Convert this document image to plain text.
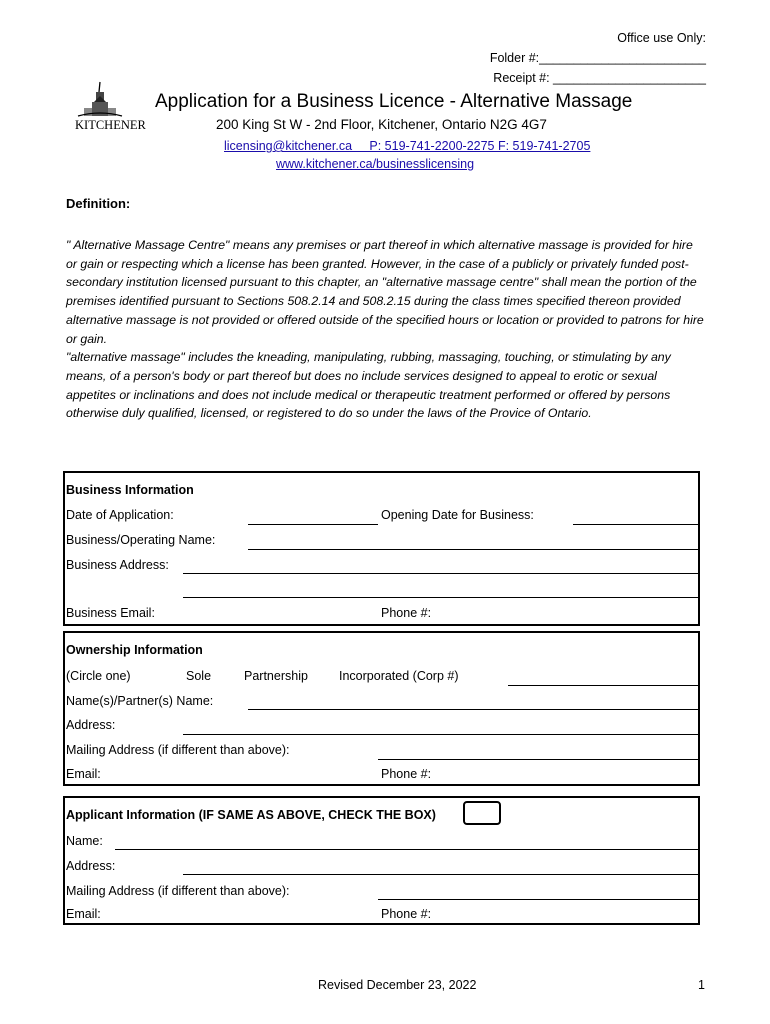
Office use Only:
Folder #:________________________
Receipt #: ______________________
KITCHENER
Application for a Business Licence - Alternative Massage
200 King St W - 2nd Floor, Kitchener, Ontario N2G 4G7
licensing@kitchener.ca     P: 519-741-2200-2275 F: 519-741-2705
www.kitchener.ca/businesslicensing
Definition:

" Alternative Massage Centre" means any premises or part thereof in which alternative massage is provided for hire or gain or respecting which a license has been granted. However, in the case of a publicly or privately funded post-secondary institution licensed pursuant to this chapter, an "alternative massage centre" shall mean the portion of the premises identified pursuant to Sections 508.2.14 and 508.2.15 during the class times specified thereon provided alternative massage is not provided or offered outside of the specified hours or location or provided to patrons for hire or gain.

"alternative massage" includes the kneading, manipulating, rubbing, massaging, touching, or stimulating by any means, of a person's body or part thereof but does no include services designed to appeal to erotic or sexual appetites or inclinations and does not include medical or therapeutic treatment performed or offered by persons otherwise duly qualified, licensed, or registered to do so under the laws of the Provice of Ontario.

Business Information
Date of Application:	Opening Date for Business:
Business/Operating Name:
Business Address:
Business Email:	Phone #:
Ownership Information
(Circle one)	Sole	Partnership Incorporated (Corp #)
Name(s)/Partner(s) Name:
Address:
Mailing Address (if different than above):
Email:	Phone #:
Applicant Information (IF SAME AS ABOVE, CHECK THE BOX)
Name:
Address:
Mailing Address (if different than above):
Email:	Phone #:
Revised December 23, 2022	1
